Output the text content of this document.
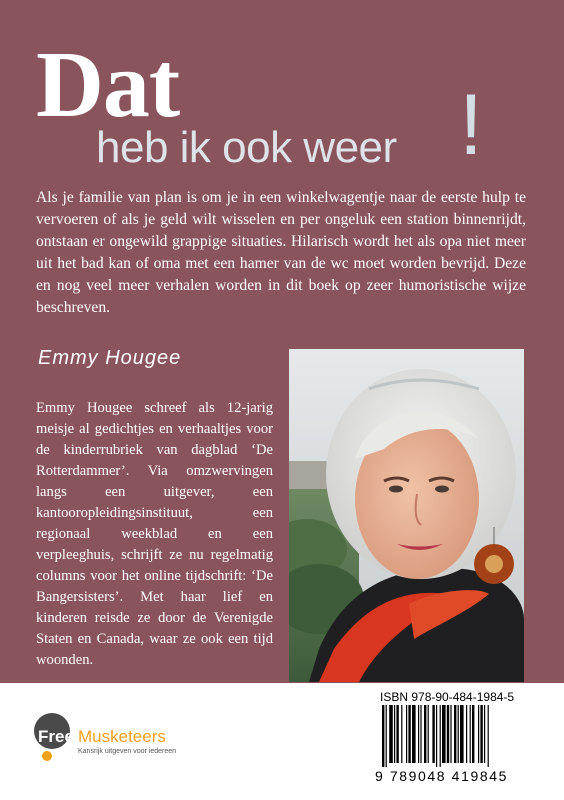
Dat
heb ik ook weer !

Als je familie van plan is om je in een winkelwagentje naar de eerste hulp te vervoeren of als je geld wilt wisselen en per ongeluk een station binnenrijdt, ontstaan er ongewild grappige situaties. Hilarisch wordt het als opa niet meer uit het bad kan of oma met een hamer van de wc moet worden bevrijd. Deze en nog veel meer verhalen worden in dit boek op zeer humoristische wijze beschreven.

Emmy Hougee

Emmy Hougee schreef als 12-jarig meisje al gedichtjes en verhaaltjes voor de kinderrubriek van dagblad ‘De Rotterdammer’. Via omzwervingen langs een uitgever, een kantooropleidingsinstituut, een regionaal weekblad en een verpleeghuis, schrijft ze nu regelmatig columns voor het online tijdschrift: ‘De Bangersisters’. Met haar lief en kinderen reisde ze door de Verenigde Staten en Canada, waar ze ook een tijd woonden.

Free Musketeers
Kansrijk uitgeven voor iedereen
ISBN 978-90-484-1984-5
9 789048 419845
